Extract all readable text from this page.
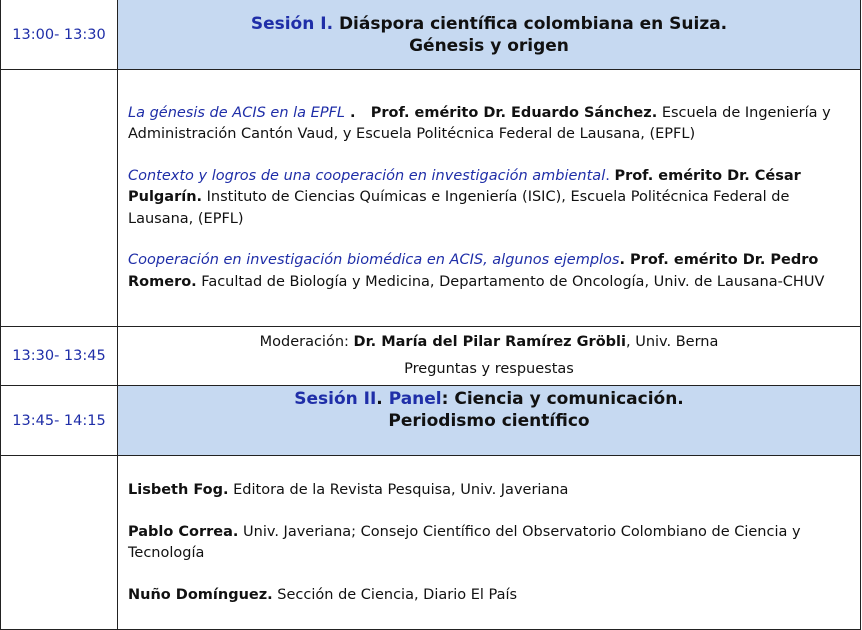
13:00- 13:30	Sesión I. Diáspora científica colombiana en Suiza.
Génesis y origen

	La génesis de ACIS en la EPFL .   Prof. emérito Dr. Eduardo Sánchez. Escuela de Ingeniería y Administración Cantón Vaud, y Escuela Politécnica Federal de Lausana, (EPFL)

Contexto y logros de una cooperación en investigación ambiental. Prof. emérito Dr. César Pulgarín. Instituto de Ciencias Químicas e Ingeniería (ISIC), Escuela Politécnica Federal de Lausana, (EPFL)

Cooperación en investigación biomédica en ACIS, algunos ejemplos. Prof. emérito Dr. Pedro Romero. Facultad de Biología y Medicina, Departamento de Oncología, Univ. de Lausana-CHUV

13:30- 13:45	Moderación: Dr. María del Pilar Ramírez Gröbli, Univ. Berna
Preguntas y respuestas
13:45- 14:15	Sesión II. Panel: Ciencia y comunicación.
Periodismo científico

	Lisbeth Fog. Editora de la Revista Pesquisa, Univ. Javeriana

Pablo Correa. Univ. Javeriana; Consejo Científico del Observatorio Colombiano de Ciencia y Tecnología

Nuño Domínguez. Sección de Ciencia, Diario El País
